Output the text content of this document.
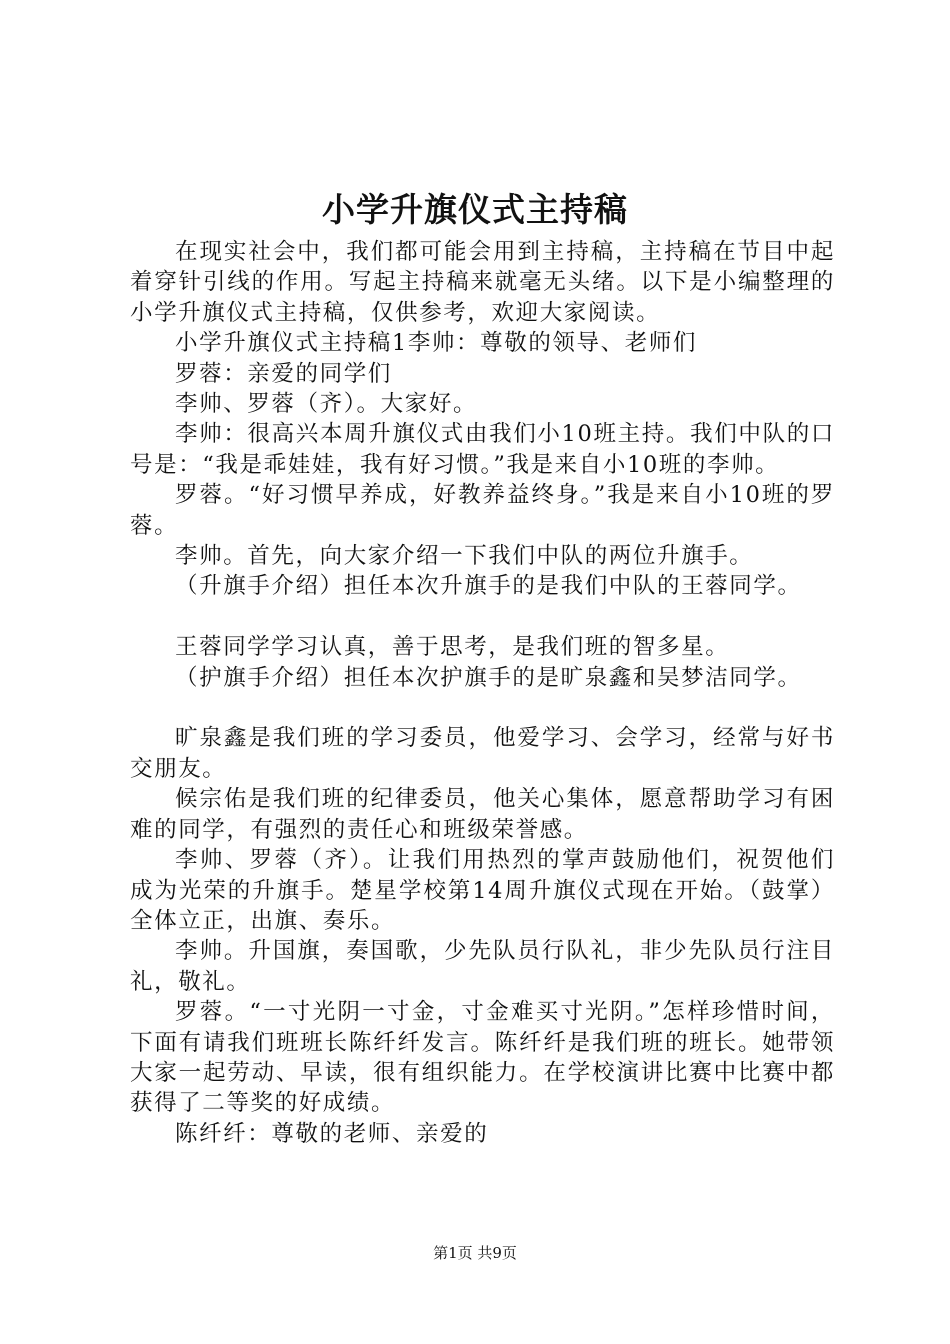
小学升旗仪式主持稿

在现实社会中，我们都可能会用到主持稿，主持稿在节目中起着穿针引线的作用。写起主持稿来就毫无头绪。以下是小编整理的小学升旗仪式主持稿，仅供参考，欢迎大家阅读。

小学升旗仪式主持稿1李帅：尊敬的领导、老师们

罗蓉：亲爱的同学们

李帅、罗蓉（齐）。大家好。

李帅：很高兴本周升旗仪式由我们小10班主持。我们中队的口号是：“我是乖娃娃，我有好习惯。”我是来自小10班的李帅。

罗蓉。“好习惯早养成，好教养益终身。”我是来自小10班的罗蓉。

李帅。首先，向大家介绍一下我们中队的两位升旗手。

（升旗手介绍）担任本次升旗手的是我们中队的王蓉同学。

王蓉同学学习认真，善于思考，是我们班的智多星。

（护旗手介绍）担任本次护旗手的是旷泉鑫和吴梦洁同学。

旷泉鑫是我们班的学习委员，他爱学习、会学习，经常与好书交朋友。

候宗佑是我们班的纪律委员，他关心集体，愿意帮助学习有困难的同学，有强烈的责任心和班级荣誉感。

李帅、罗蓉（齐）。让我们用热烈的掌声鼓励他们，祝贺他们成为光荣的升旗手。楚星学校第14周升旗仪式现在开始。（鼓掌）全体立正，出旗、奏乐。

李帅。升国旗，奏国歌，少先队员行队礼，非少先队员行注目礼，敬礼。

罗蓉。“一寸光阴一寸金，寸金难买寸光阴。”怎样珍惜时间，下面有请我们班班长陈纤纤发言。陈纤纤是我们班的班长。她带领大家一起劳动、早读，很有组织能力。在学校演讲比赛中比赛中都获得了二等奖的好成绩。

陈纤纤：尊敬的老师、亲爱的

第1页 共9页
